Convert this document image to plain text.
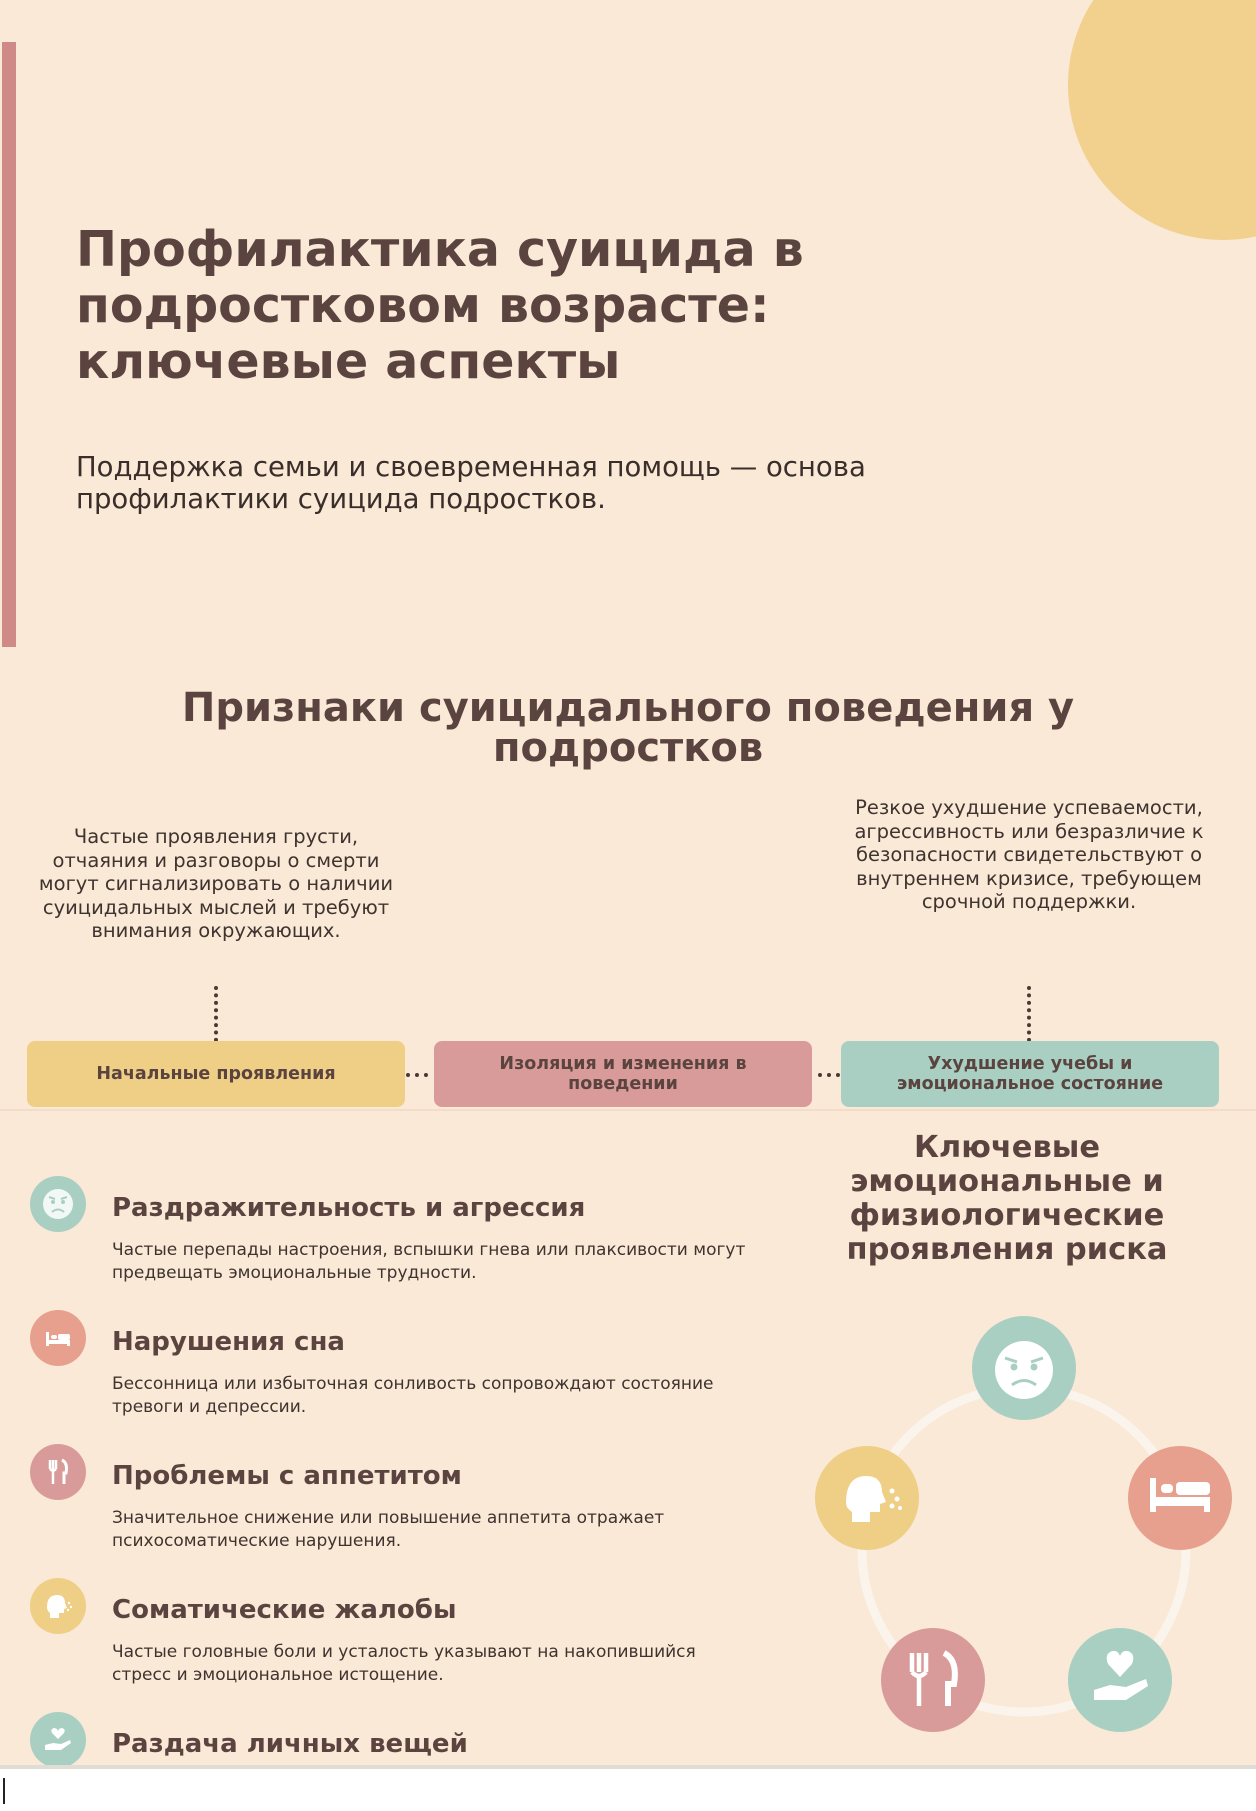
Профилактика суицида в подростковом возрасте: ключевые аспекты

Поддержка семьи и своевременная помощь — основа профилактики суицида подростков.

Признаки суицидального поведения у подростков

Частые проявления грусти, отчаяния и разговоры о смерти могут сигнализировать о наличии суицидальных мыслей и требуют внимания окружающих.

Резкое ухудшение успеваемости, агрессивность или безразличие к безопасности свидетельствуют о внутреннем кризисе, требующем срочной поддержки.

Начальные проявления	Изоляция и изменения в поведении
Ухудшение учебы и эмоциональное состояние
Раздражительность и агрессия

Частые перепады настроения, вспышки гнева или плаксивости могут предвещать эмоциональные трудности.

Нарушения сна

Бессонница или избыточная сонливость сопровождают состояние тревоги и депрессии.

Проблемы с аппетитом

Значительное снижение или повышение аппетита отражает психосоматические нарушения.

Соматические жалобы

Частые головные боли и усталость указывают на накопившийся стресс и эмоциональное истощение.

Раздача личных вещей

Ключевые эмоциональные и физиологические проявления риска
